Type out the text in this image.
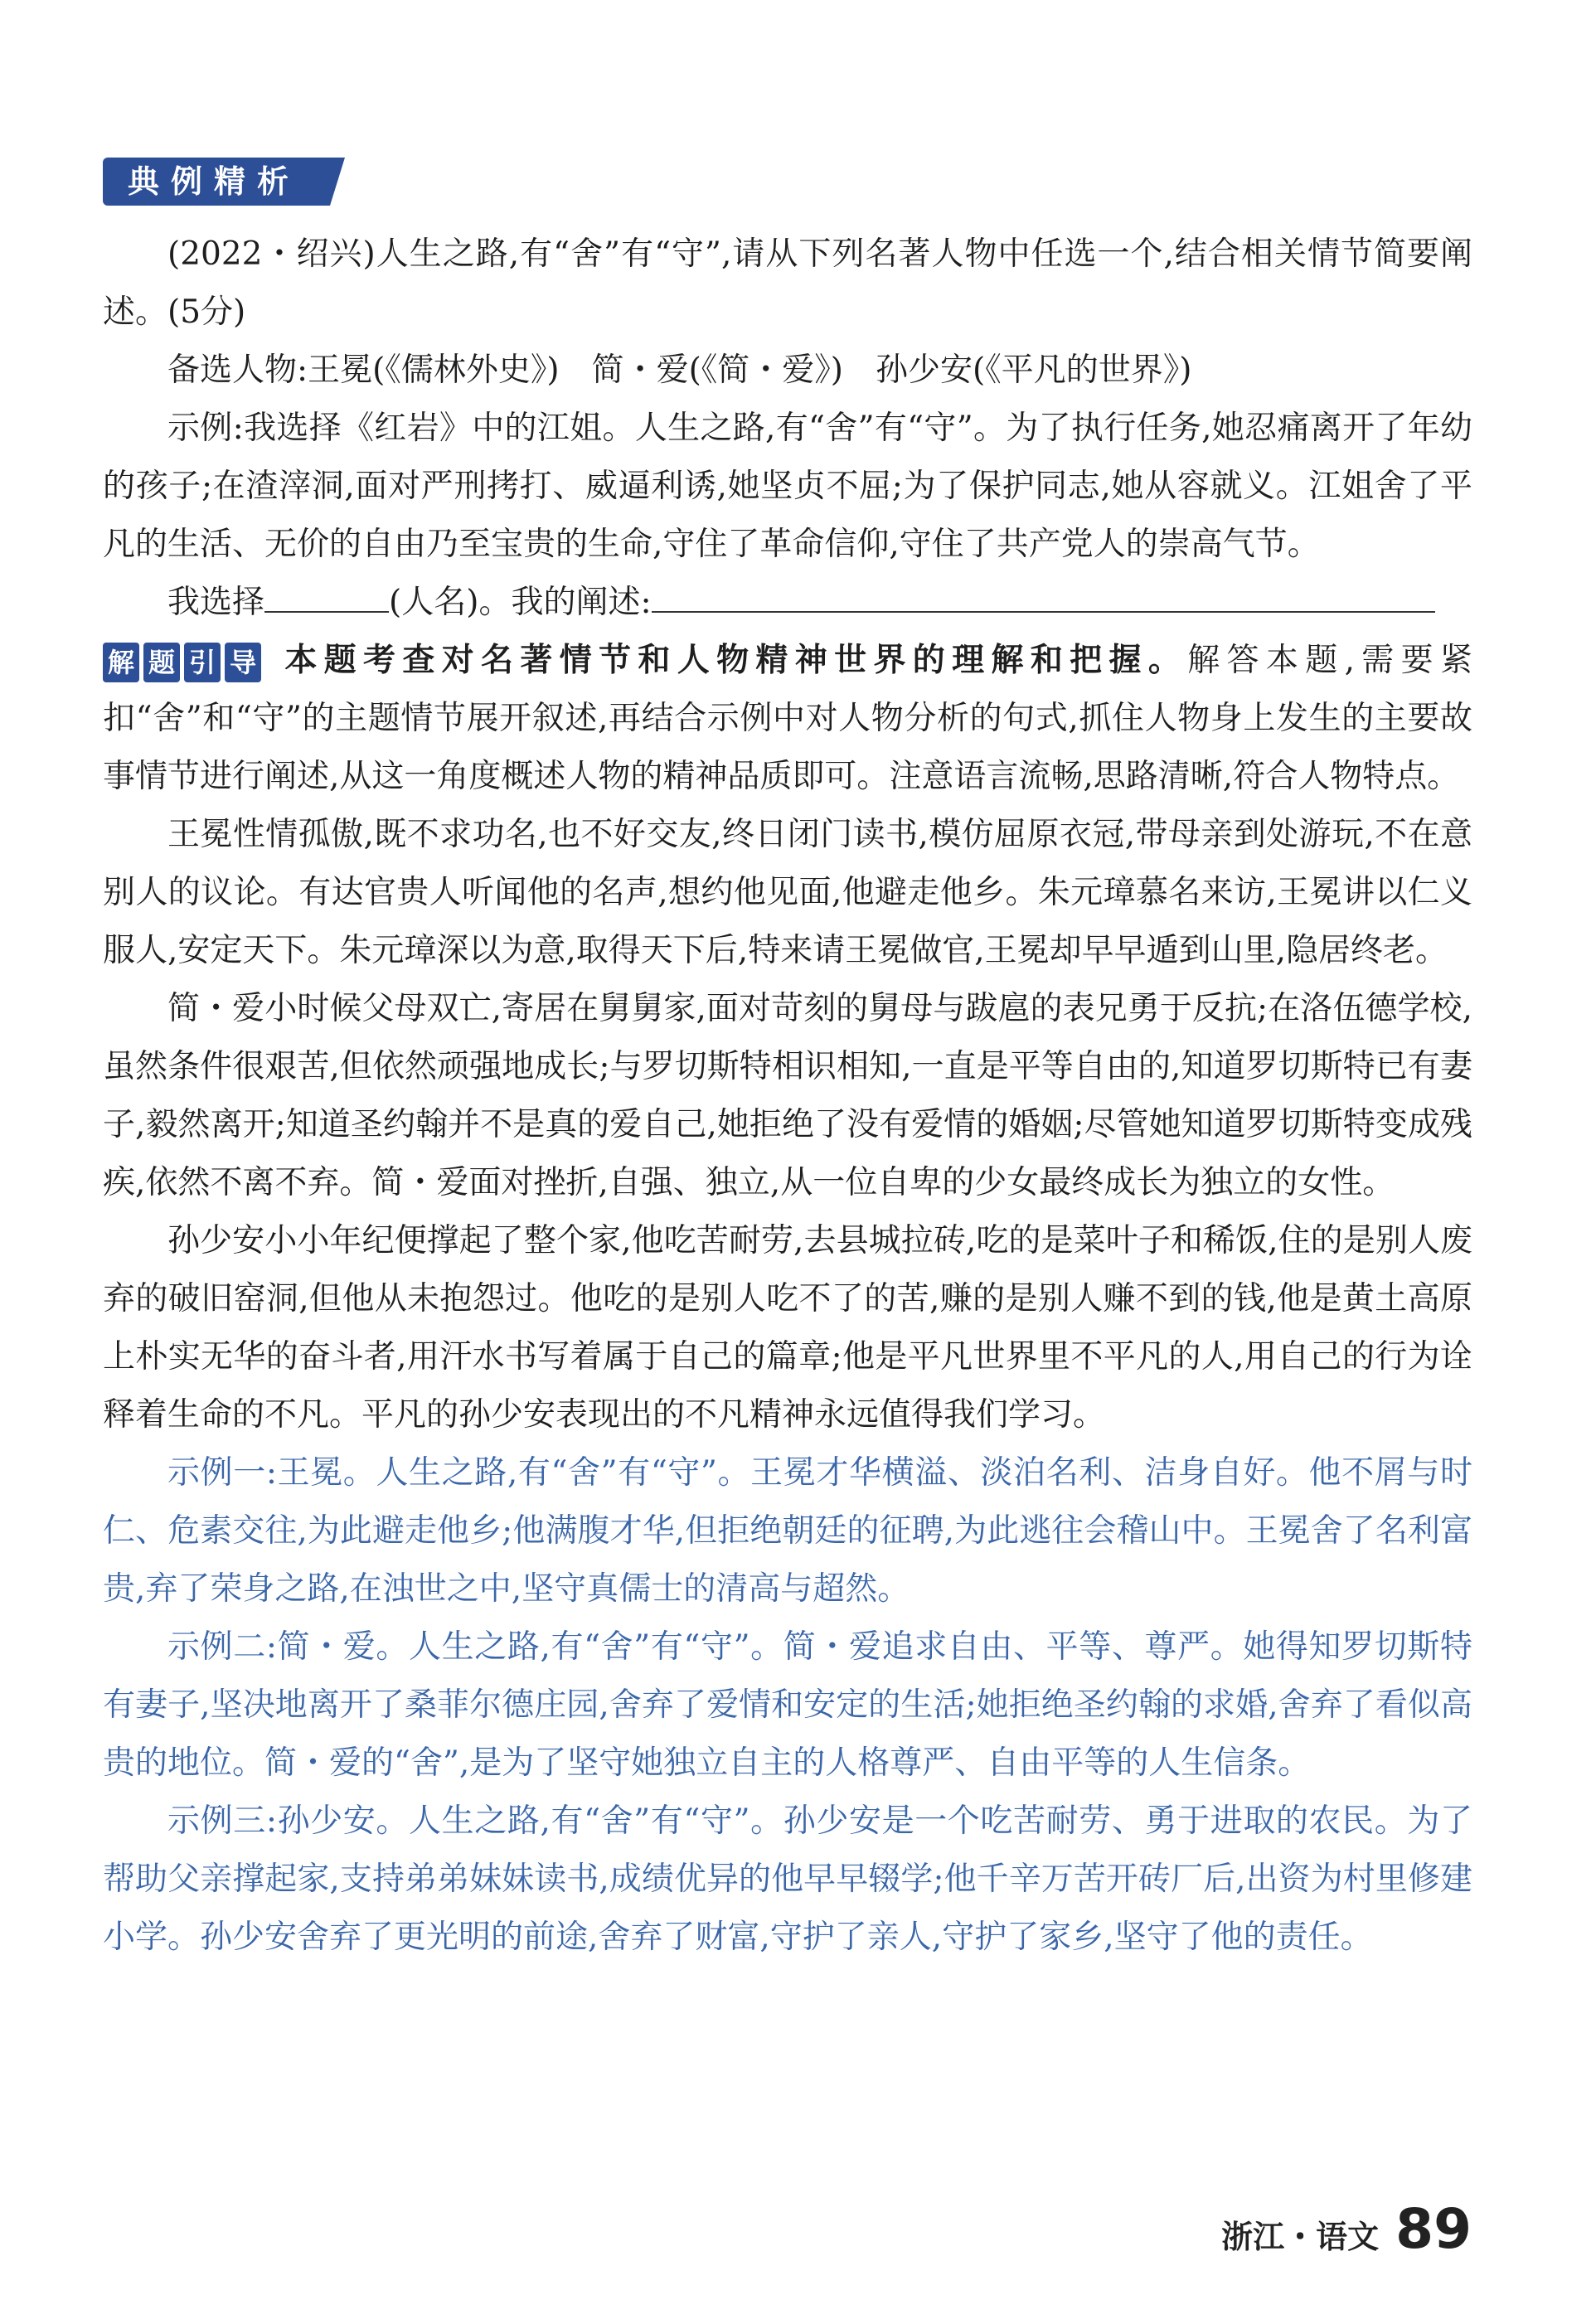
典例精析

(2022・绍兴)人生之路,有“舍”有“守”,请从下列名著人物中任选一个,结合相关情节简要阐述。(5分)

备选人物:王冕(《儒林外史》)　简・爱(《简・爱》)　孙少安(《平凡的世界》)

示例:我选择《红岩》中的江姐。人生之路,有“舍”有“守”。为了执行任务,她忍痛离开了年幼的孩子;在渣滓洞,面对严刑拷打、威逼利诱,她坚贞不屈;为了保护同志,她从容就义。江姐舍了平凡的生活、无价的自由乃至宝贵的生命,守住了革命信仰,守住了共产党人的崇高气节。

我选择	(人名)。我的阐述:

解 题 引 导 本题考查对名著情节和人物精神世界的理解和把握。解答本题,需要紧扣“舍”和“守”的主题情节展开叙述,再结合示例中对人物分析的句式,抓住人物身上发生的主要故事情节进行阐述,从这一角度概述人物的精神品质即可。注意语言流畅,思路清晰,符合人物特点。

王冕性情孤傲,既不求功名,也不好交友,终日闭门读书,模仿屈原衣冠,带母亲到处游玩,不在意别人的议论。有达官贵人听闻他的名声,想约他见面,他避走他乡。朱元璋慕名来访,王冕讲以仁义服人,安定天下。朱元璋深以为意,取得天下后,特来请王冕做官,王冕却早早遁到山里,隐居终老。

简・爱小时候父母双亡,寄居在舅舅家,面对苛刻的舅母与跋扈的表兄勇于反抗;在洛伍德学校,虽然条件很艰苦,但依然顽强地成长;与罗切斯特相识相知,一直是平等自由的,知道罗切斯特已有妻子,毅然离开;知道圣约翰并不是真的爱自己,她拒绝了没有爱情的婚姻;尽管她知道罗切斯特变成残疾,依然不离不弃。简・爱面对挫折,自强、独立,从一位自卑的少女最终成长为独立的女性。

孙少安小小年纪便撑起了整个家,他吃苦耐劳,去县城拉砖,吃的是菜叶子和稀饭,住的是别人废弃的破旧窑洞,但他从未抱怨过。他吃的是别人吃不了的苦,赚的是别人赚不到的钱,他是黄土高原上朴实无华的奋斗者,用汗水书写着属于自己的篇章;他是平凡世界里不平凡的人,用自己的行为诠释着生命的不凡。平凡的孙少安表现出的不凡精神永远值得我们学习。

示例一:王冕。人生之路,有“舍”有“守”。王冕才华横溢、淡泊名利、洁身自好。他不屑与时仁、危素交往,为此避走他乡;他满腹才华,但拒绝朝廷的征聘,为此逃往会稽山中。王冕舍了名利富贵,弃了荣身之路,在浊世之中,坚守真儒士的清高与超然。

示例二:简・爱。人生之路,有“舍”有“守”。简・爱追求自由、平等、尊严。她得知罗切斯特有妻子,坚决地离开了桑菲尔德庄园,舍弃了爱情和安定的生活;她拒绝圣约翰的求婚,舍弃了看似高贵的地位。简・爱的“舍”,是为了坚守她独立自主的人格尊严、自由平等的人生信条。

示例三:孙少安。人生之路,有“舍”有“守”。孙少安是一个吃苦耐劳、勇于进取的农民。为了帮助父亲撑起家,支持弟弟妹妹读书,成绩优异的他早早辍学;他千辛万苦开砖厂后,出资为村里修建小学。孙少安舍弃了更光明的前途,舍弃了财富,守护了亲人,守护了家乡,坚守了他的责任。

浙江・语文 89
